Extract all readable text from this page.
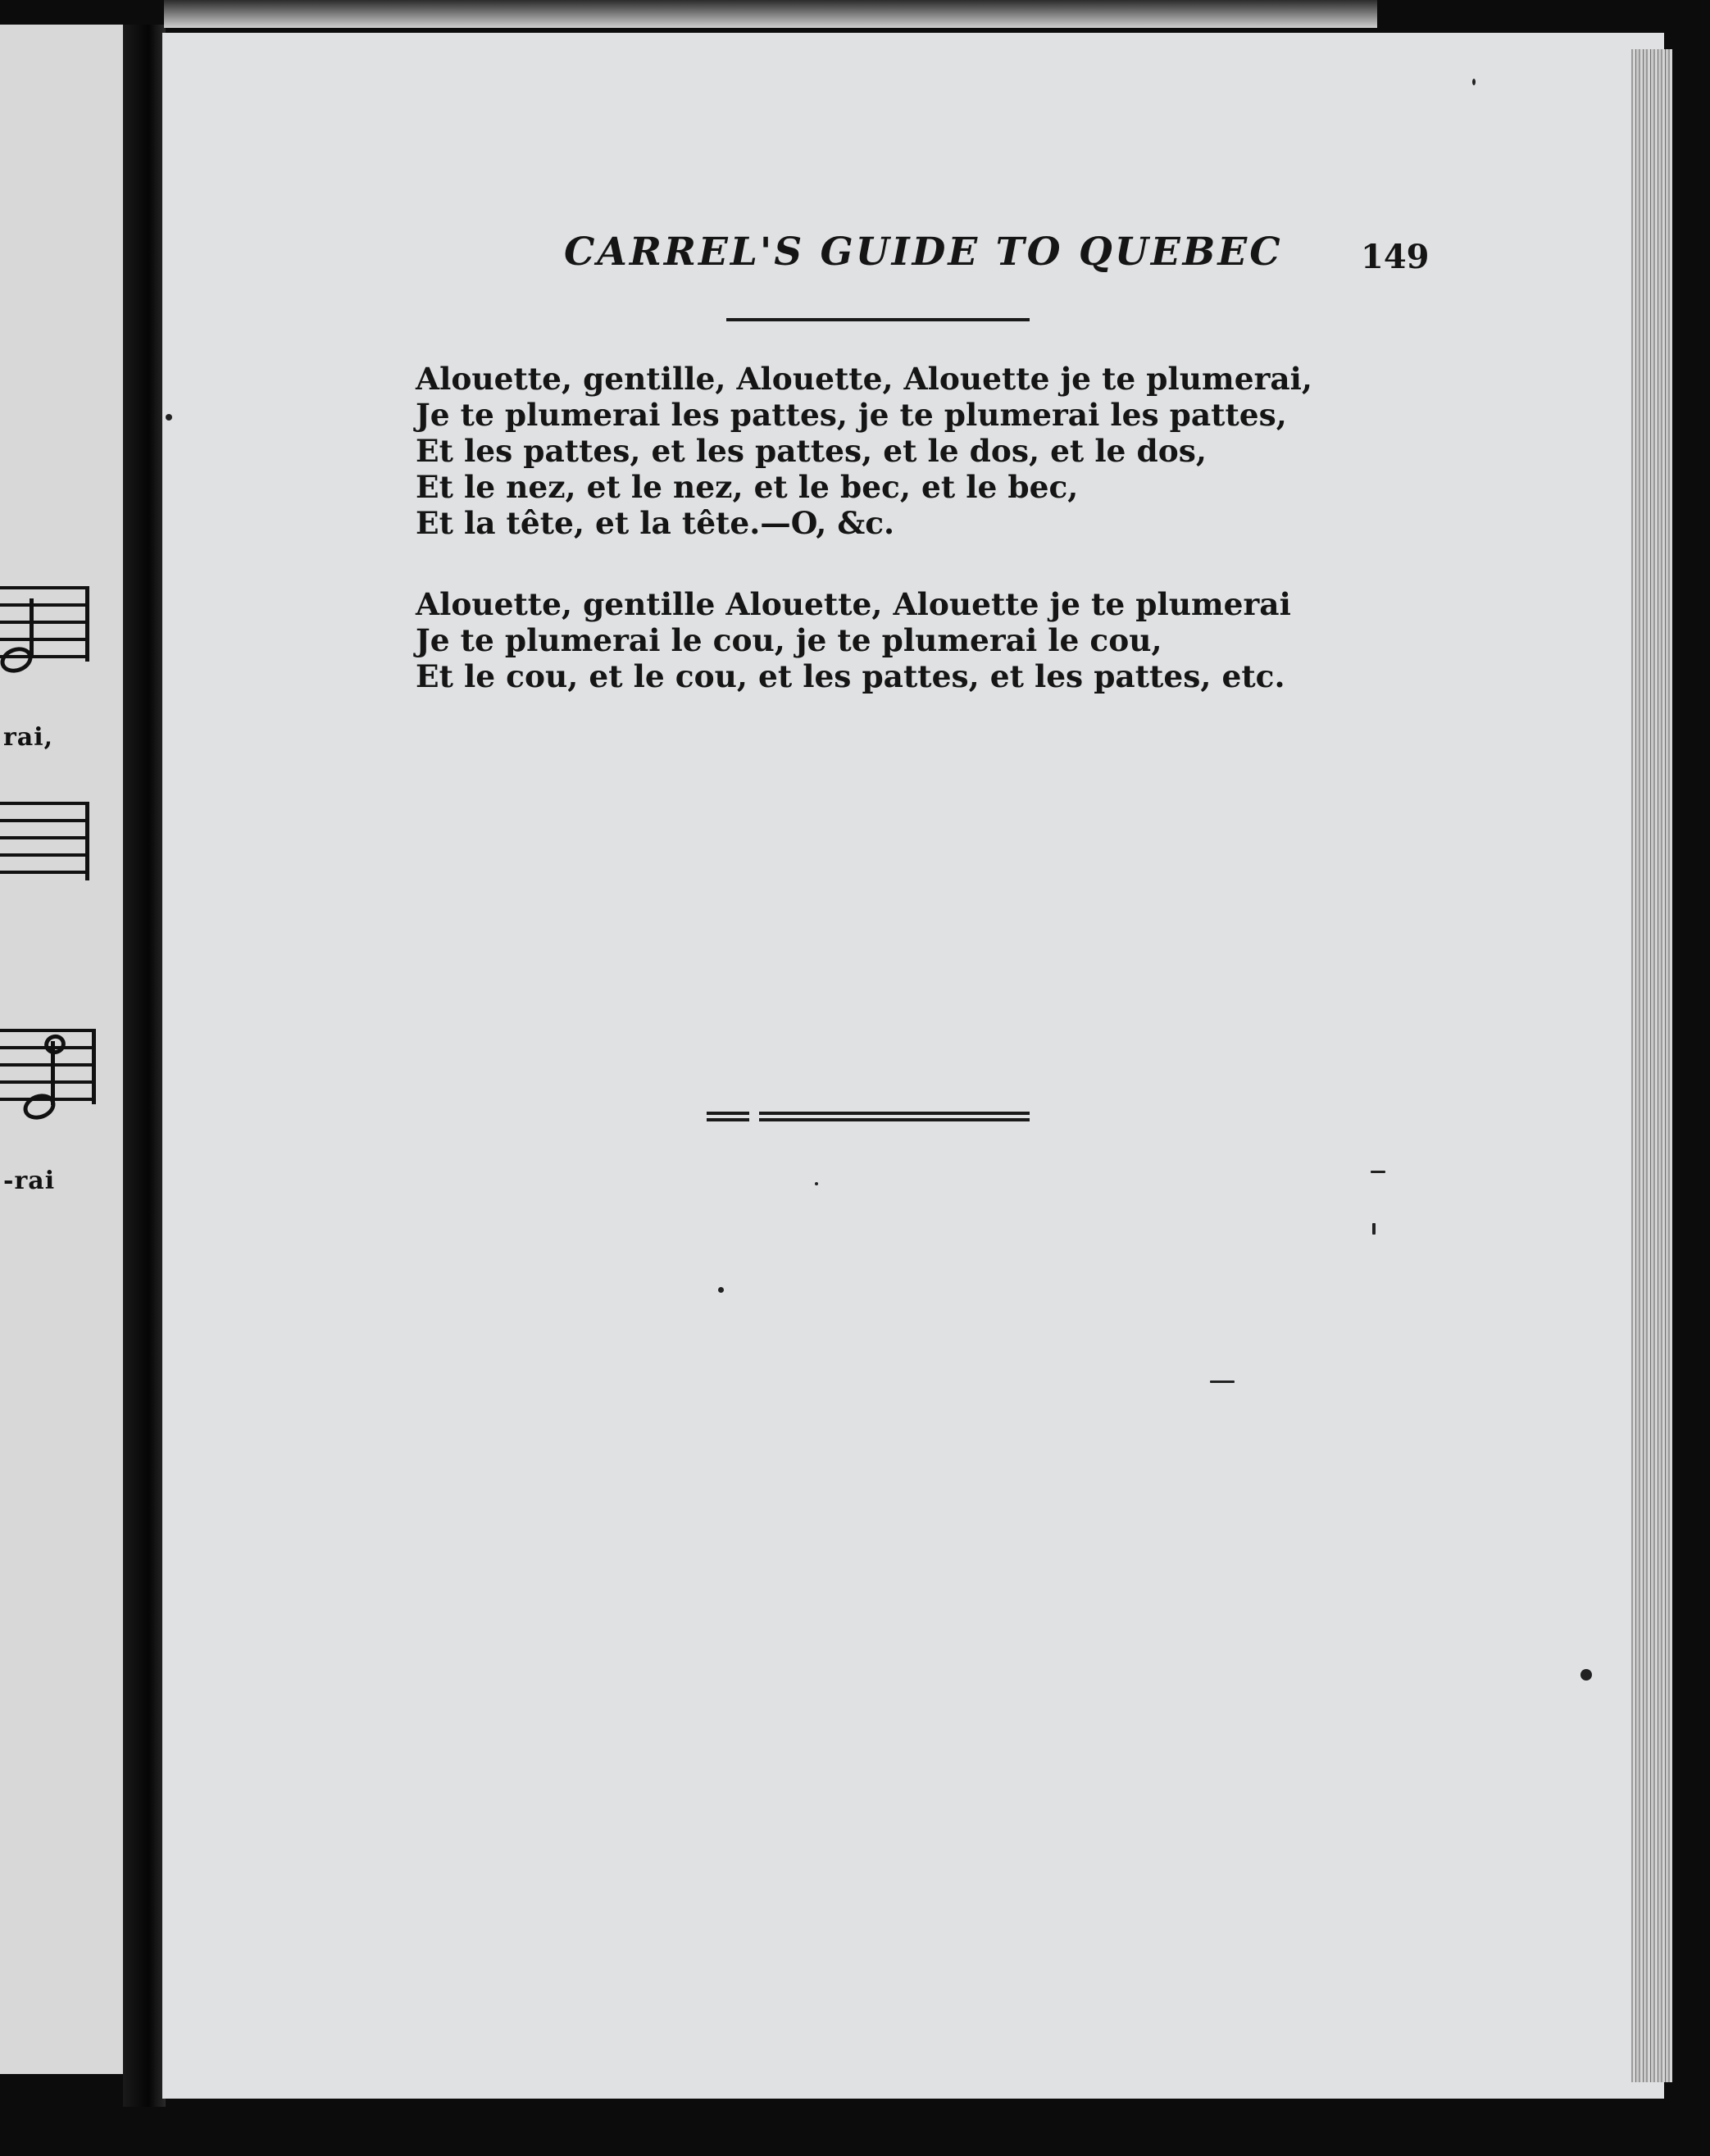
rai,
-rai
CARREL'S GUIDE TO QUEBEC 149
Alouette, gentille, Alouette, Alouette je te plumerai,
Je te plumerai les pattes, je te plumerai les pattes,
Et les pattes, et les pattes, et le dos, et le dos,
Et le nez, et le nez, et le bec, et le bec,
Et la tête, et la tête.—O, &c.
Alouette, gentille Alouette, Alouette je te plumerai
Je te plumerai le cou, je te plumerai le cou,
Et le cou, et le cou, et les pattes, et les pattes, etc.
